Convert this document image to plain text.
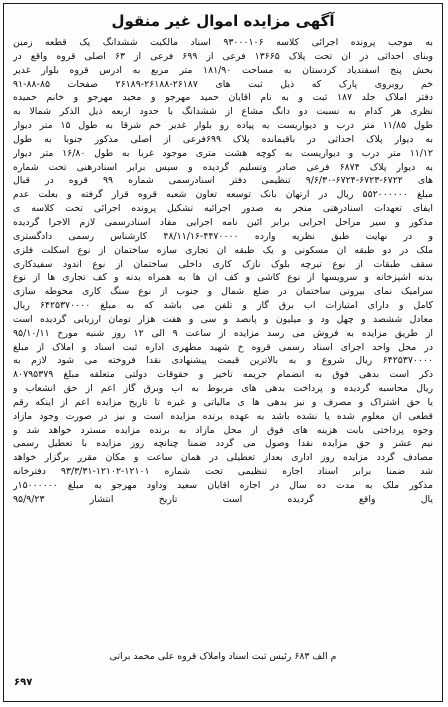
آگهی مزایده اموال غیر منقول
به موجب پرونده اجرائی کلاسه ۹۳۰۰۰۱۰۶ اسناد مالکیت ششدانگ یک قطعه زمین
وبنای احداثی در ان تحت پلاک ۱۳۶۶۵ فرعی از ۶۹۹ فرعی از ۶۳ اصلی قروه واقع در
بخش پنج اسفندیاد کردستان به مساحت ۱۸۱/۹۰ متر مربع به ادرس قروه بلوار غدیر
خم روبروی پارک که ذیل ثبت های ۲۶۱۸۷-۲۶۱۸۸-۲۶۱۸۹ صفحات ۸۵-۸۸-۹۱
دفتر املاک جلد ۱۸۷ ثبت و به نام اقایان حمید مهرجو و مجید مهرجو و خانم حمیده
نظری هر کدام به نسبت دو دانگ مشاع از ششدانگ با حدود اربعه ذیل الذکر شمالا به
طول ۱۱/۸۵ متر درب و دیواریست به پیاده رو بلوار غدیر خم شرقا به طول ۱۵ متر دیوار
به دیوار پلاک احداثی در باقیمانده پلاک ۶۹۹فرعی از اصلی مذکور جنوبا به طول
۱۱/۱۲ متر درب و دیواریست به کوچه هشت متری موجود غربا به طول ۱۶/۸۰ متر دیوار
به دیوار پلاک ۶۸۷۴ فرعی صادر وتسلیم گردیده و سپس برابر اسنادرهنی تحت شماره
های ۶۷۲۲-۶۷۲۳-۶۷۲۴-۹/۶/۳۰ تنظیمی دفتر اسنادرسمی شماره ۹۹ قروه در قبال
مبلغ ۵۵۲۰۰۰۰۰۰ ریال در ارتهان بانک توسعه تعاون شعبه قروه قرار گرفته و بعلت عدم
ایفای تعهدات اسنادرهنی منجر به صدور اجرائیه تشکیل پرونده اجرائی تحت کلاسه ی
مذکور و سیر مراحل اجرایی برابر ائین نامه اجرایی مفاد اسنادرسمی لازم الاجرا گردیده
و در نهایت طبق نظریه وارده ۴۴۷۰۰۰۰-۴۸/۱۱/۱۶ کارشناس رسمی دادگستری
ملک در دو طبقه ان مسکونی و یک طبقه ان تجاری سازه ساختمان از نوع اسکلت فلزی
سقف طبقات از نوع تیرچه بلوک نازک کاری داخلی ساختمان از نوع اندود سفیدکاری
بدنه اشپزخانه و سرویسها از نوع کاشی و کف ان ها به همراه بدنه و کف تجاری ها از نوع
سرامیک نمای بیرونی ساختمان در ضلع شمال و جنوب از نوع سنگ کاری محوطه سازی
کامل و دارای امتیازات اب برق گاز و تلفن می باشد که به مبلغ ۶۴۲۵۳۷۰۰۰۰ ریال
معادل ششصد و چهل ود و میلیون و پانصد و سی و هفت هزار تومان ارزیابی گردیده است
از طریق مزایده به فروش می رسد مزایده از ساعت ۹ الی ۱۲ روز شنبه مورخ ۹۵/۱۰/۱۱
در محل واحد اجرای اسناد رسمی قروه خ شهید مطهری اداره ثبت اسناد و املاک از مبلغ
۶۴۲۵۳۷۰۰۰۰ ریال شروع و به بالاترین قیمت پیشنهادی نقدا فروخته می شود لازم به
ذکر است بدهی فوق به انضمام جریمه تاخیر و حقوقات دولتی متعلقه مبلغ ۸۰۷۹۵۳۷۹
ریال محاسبه گردیده و پرداخت بدهی های مربوط به اب وبرق گاز اعم از حق انشعاب و
یا حق اشتراک و مصرف و نیز بدهی ها ی مالیاتی و غیره تا تاریخ مزایده اعم از اینکه رقم
قطعی ان معلوم شده یا نشده باشد به عهده برنده مزایده است و نیز در صورت وجود مازاد
وجوه پرداختی بابت هزینه های فوق از محل مازاد به برنده مزایده مسترد خواهد شد و
نیم عشر و حق مزایده نقدا وصول می گردد ضمنا چنانچه روز مزایده با تعطیل رسمی
مصادف گردد مزایده روز اداری بعداز تعطیلی در همان ساعت و مکان مقرر برگزار خواهد
شد ضمنا برابر اسناد اجاره تنظیمی تحت شماره ۱۲۱۰۱-۱۲۱۰۲-۹۳/۳/۳۱ دفترخانه
مذکور ملک به مدت ده سال در اجاره اقایان سعید وداود مهرجو به مبلغ ۱۵۰۰۰۰۰۰ر
یال واقع گردیده است تاریخ انتشار ۹۵/۹/۲۳
م الف ۶۸۳ رئیس ثبت اسناد واملاک قروه علی محمد براتی
۶۹۷
